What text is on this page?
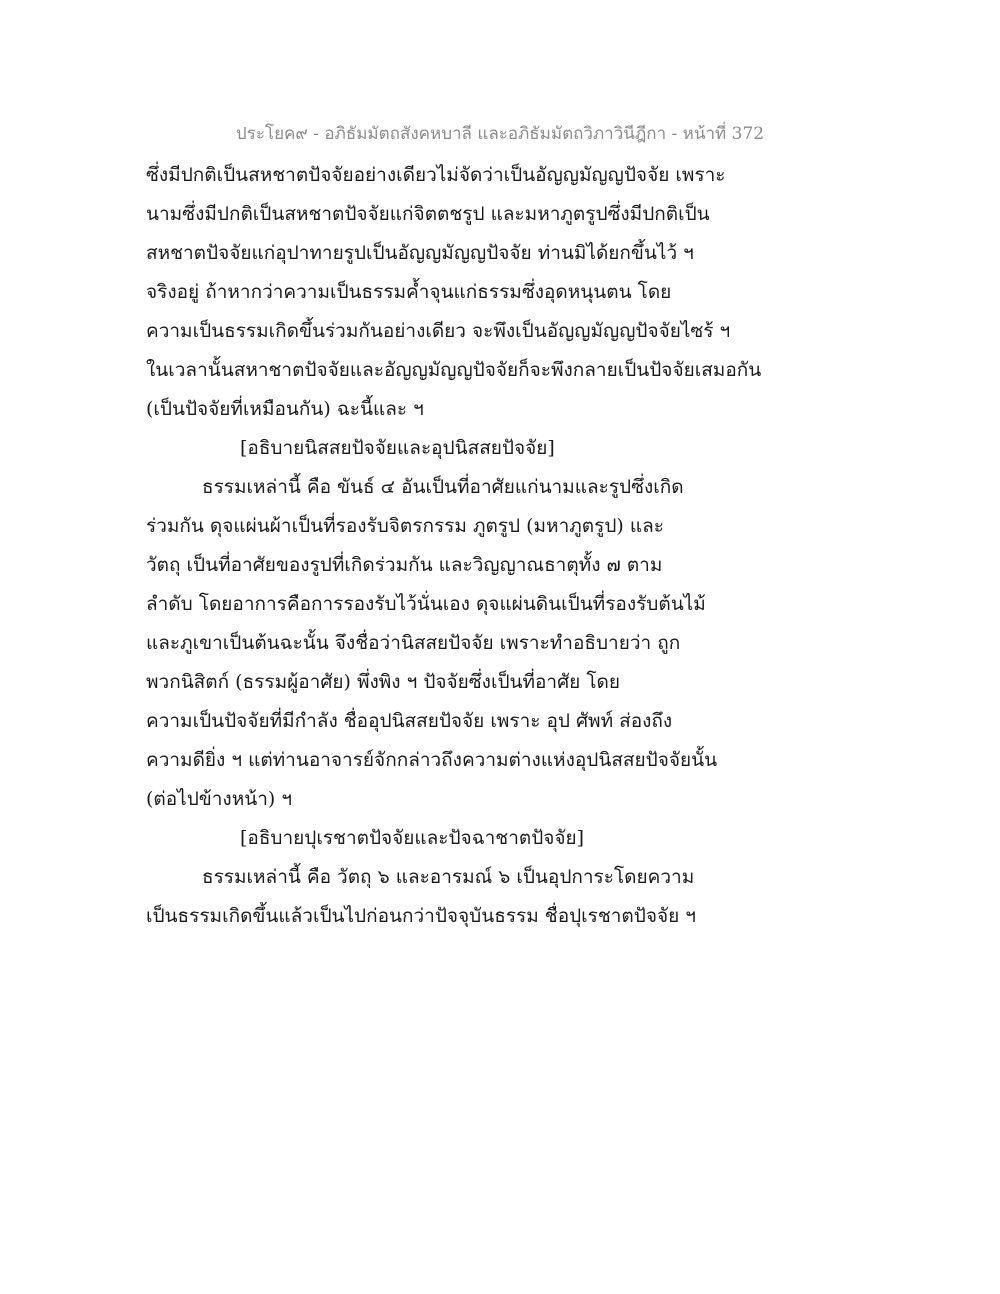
ประโยค๙ - อภิธัมมัตถสังคหบาลี และอภิธัมมัตถวิภาวินีฎีกา - หน้าที่ 372
ซึ่งมีปกติเป็นสหชาตปัจจัยอย่างเดียวไม่จัดว่าเป็นอัญญมัญญปัจจัย เพราะ
นามซึ่งมีปกติเป็นสหชาตปัจจัยแก่จิตตชรูป และมหาภูตรูปซึ่งมีปกติเป็น
สหชาตปัจจัยแก่อุปาทายรูปเป็นอัญญมัญญปัจจัย ท่านมิได้ยกขึ้นไว้ ฯ
จริงอยู่ ถ้าหากว่าความเป็นธรรมค้ำจุนแก่ธรรมซึ่งอุดหนุนตน โดย
ความเป็นธรรมเกิดขึ้นร่วมกันอย่างเดียว จะพึงเป็นอัญญมัญญปัจจัยไซร้ ฯ
ในเวลานั้นสหาชาตปัจจัยและอัญญมัญญปัจจัยก็จะพึงกลายเป็นปัจจัยเสมอกัน
(เป็นปัจจัยที่เหมือนกัน) ฉะนี้และ ฯ
[อธิบายนิสสยปัจจัยและอุปนิสสยปัจจัย]
ธรรมเหล่านี้ คือ ขันธ์ ๔ อันเป็นที่อาศัยแก่นามและรูปซึ่งเกิด
ร่วมกัน ดุจแผ่นผ้าเป็นที่รองรับจิตรกรรม ภูตรูป (มหาภูตรูป) และ
วัตถุ เป็นที่อาศัยของรูปที่เกิดร่วมกัน และวิญญาณธาตุทั้ง ๗ ตาม
ลำดับ โดยอาการคือการรองรับไว้นั่นเอง ดุจแผ่นดินเป็นที่รองรับต้นไม้
และภูเขาเป็นต้นฉะนั้น จึงชื่อว่านิสสยปัจจัย เพราะทำอธิบายว่า ถูก
พวกนิสิตก์ (ธรรมผู้อาศัย) พึ่งพิง ฯ ปัจจัยซึ่งเป็นที่อาศัย โดย
ความเป็นปัจจัยที่มีกำลัง ชื่ออุปนิสสยปัจจัย เพราะ อุป ศัพท์ ส่องถึง
ความดียิ่ง ฯ แต่ท่านอาจารย์จักกล่าวถึงความต่างแห่งอุปนิสสยปัจจัยนั้น
(ต่อไปข้างหน้า) ฯ
[อธิบายปุเรชาตปัจจัยและปัจฉาชาตปัจจัย]
ธรรมเหล่านี้ คือ วัตถุ ๖ และอารมณ์ ๖ เป็นอุปการะโดยความ
เป็นธรรมเกิดขึ้นแล้วเป็นไปก่อนกว่าปัจจุบันธรรม ชื่อปุเรชาตปัจจัย ฯ
